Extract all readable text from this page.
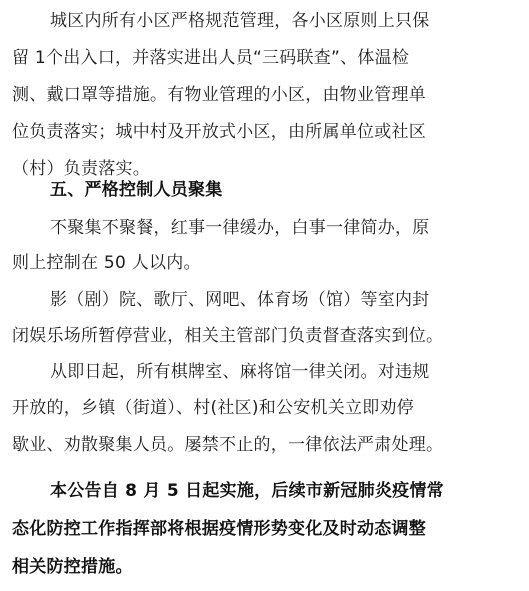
城区内所有小区严格规范管理，各小区原则上只保
留 1个出入口，并落实进出人员“三码联查”、体温检
测、戴口罩等措施。有物业管理的小区，由物业管理单
位负责落实；城中村及开放式小区，由所属单位或社区
（村）负责落实。
五、严格控制人员聚集
不聚集不聚餐，红事一律缓办，白事一律简办，原
则上控制在 50 人以内。
影（剧）院、歌厅、网吧、体育场（馆）等室内封
闭娱乐场所暂停营业，相关主管部门负责督查落实到位。
从即日起，所有棋牌室、麻将馆一律关闭。对违规
开放的，乡镇（街道）、村(社区)和公安机关立即劝停
歇业、劝散聚集人员。屡禁不止的，一律依法严肃处理。
本公告自 8 月 5 日起实施，后续市新冠肺炎疫情常
态化防控工作指挥部将根据疫情形势变化及时动态调整
相关防控措施。
